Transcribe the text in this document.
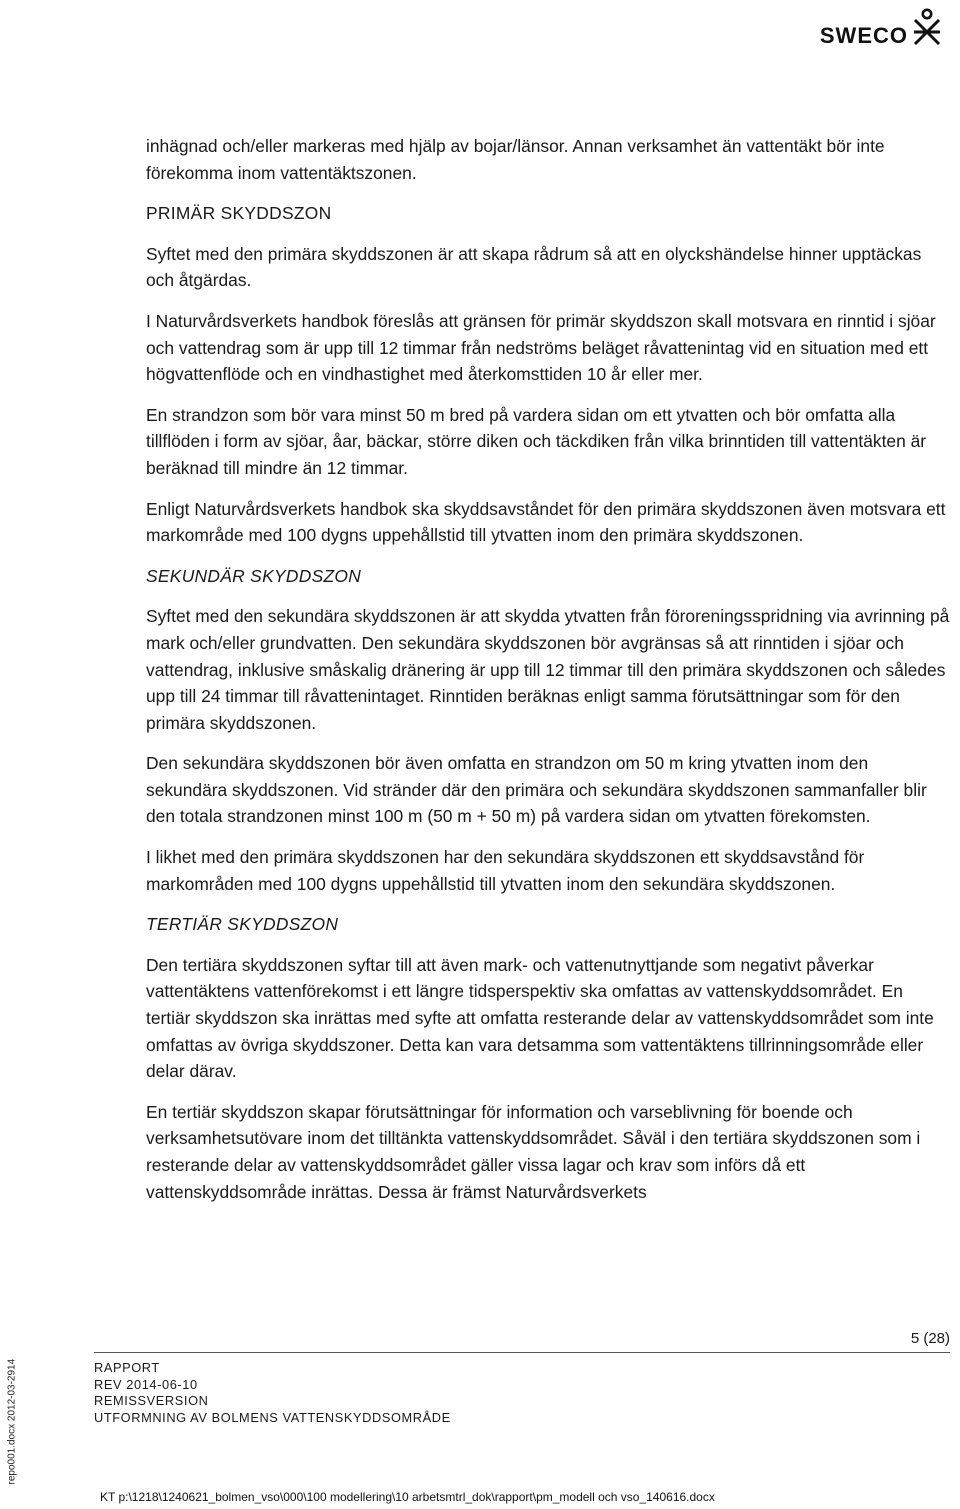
SWECO

inhägnad och/eller markeras med hjälp av bojar/länsor. Annan verksamhet än vattentäkt bör inte förekomma inom vattentäktszonen.

PRIMÄR SKYDDSZON

Syftet med den primära skyddszonen är att skapa rådrum så att en olyckshändelse hinner upptäckas och åtgärdas.

I Naturvårdsverkets handbok föreslås att gränsen för primär skyddszon skall motsvara en rinntid i sjöar och vattendrag som är upp till 12 timmar från nedströms beläget råvattenintag vid en situation med ett högvattenflöde och en vindhastighet med återkomsttiden 10 år eller mer.

En strandzon som bör vara minst 50 m bred på vardera sidan om ett ytvatten och bör omfatta alla tillflöden i form av sjöar, åar, bäckar, större diken och täckdiken från vilka brinntiden till vattentäkten är beräknad till mindre än 12 timmar.

Enligt Naturvårdsverkets handbok ska skyddsavståndet för den primära skyddszonen även motsvara ett markområde med 100 dygns uppehållstid till ytvatten inom den primära skyddszonen.

SEKUNDÄR SKYDDSZON

Syftet med den sekundära skyddszonen är att skydda ytvatten från föroreningsspridning via avrinning på mark och/eller grundvatten. Den sekundära skyddszonen bör avgränsas så att rinntiden i sjöar och vattendrag, inklusive småskalig dränering är upp till 12 timmar till den primära skyddszonen och således upp till 24 timmar till råvattenintaget. Rinntiden beräknas enligt samma förutsättningar som för den primära skyddszonen.

Den sekundära skyddszonen bör även omfatta en strandzon om 50 m kring ytvatten inom den sekundära skyddszonen. Vid stränder där den primära och sekundära skyddszonen sammanfaller blir den totala strandzonen minst 100 m (50 m + 50 m) på vardera sidan om ytvatten förekomsten.

I likhet med den primära skyddszonen har den sekundära skyddszonen ett skyddsavstånd för markområden med 100 dygns uppehållstid till ytvatten inom den sekundära skyddszonen.

TERTIÄR SKYDDSZON

Den tertiära skyddszonen syftar till att även mark- och vattenutnyttjande som negativt påverkar vattentäktens vattenförekomst i ett längre tidsperspektiv ska omfattas av vattenskyddsområdet. En tertiär skyddszon ska inrättas med syfte att omfatta resterande delar av vattenskyddsområdet som inte omfattas av övriga skyddszoner. Detta kan vara detsamma som vattentäktens tillrinningsområde eller delar därav.

En tertiär skyddszon skapar förutsättningar för information och varseblivning för boende och verksamhetsutövare inom det tilltänkta vattenskyddsområdet. Såväl i den tertiära skyddszonen som i resterande delar av vattenskyddsområdet gäller vissa lagar och krav som införs då ett vattenskyddsområde inrättas. Dessa är främst Naturvårdsverkets

5 (28)
RAPPORT
REV 2014-06-10
REMISSVERSION
UTFORMNING AV BOLMENS VATTENSKYDDSOMRÅDE
repo001.docx 2012-03-2914
KT p:\1218\1240621_bolmen_vso\000\100 modellering\10 arbetsmtrl_dok\rapport\pm_modell och vso_140616.docx
